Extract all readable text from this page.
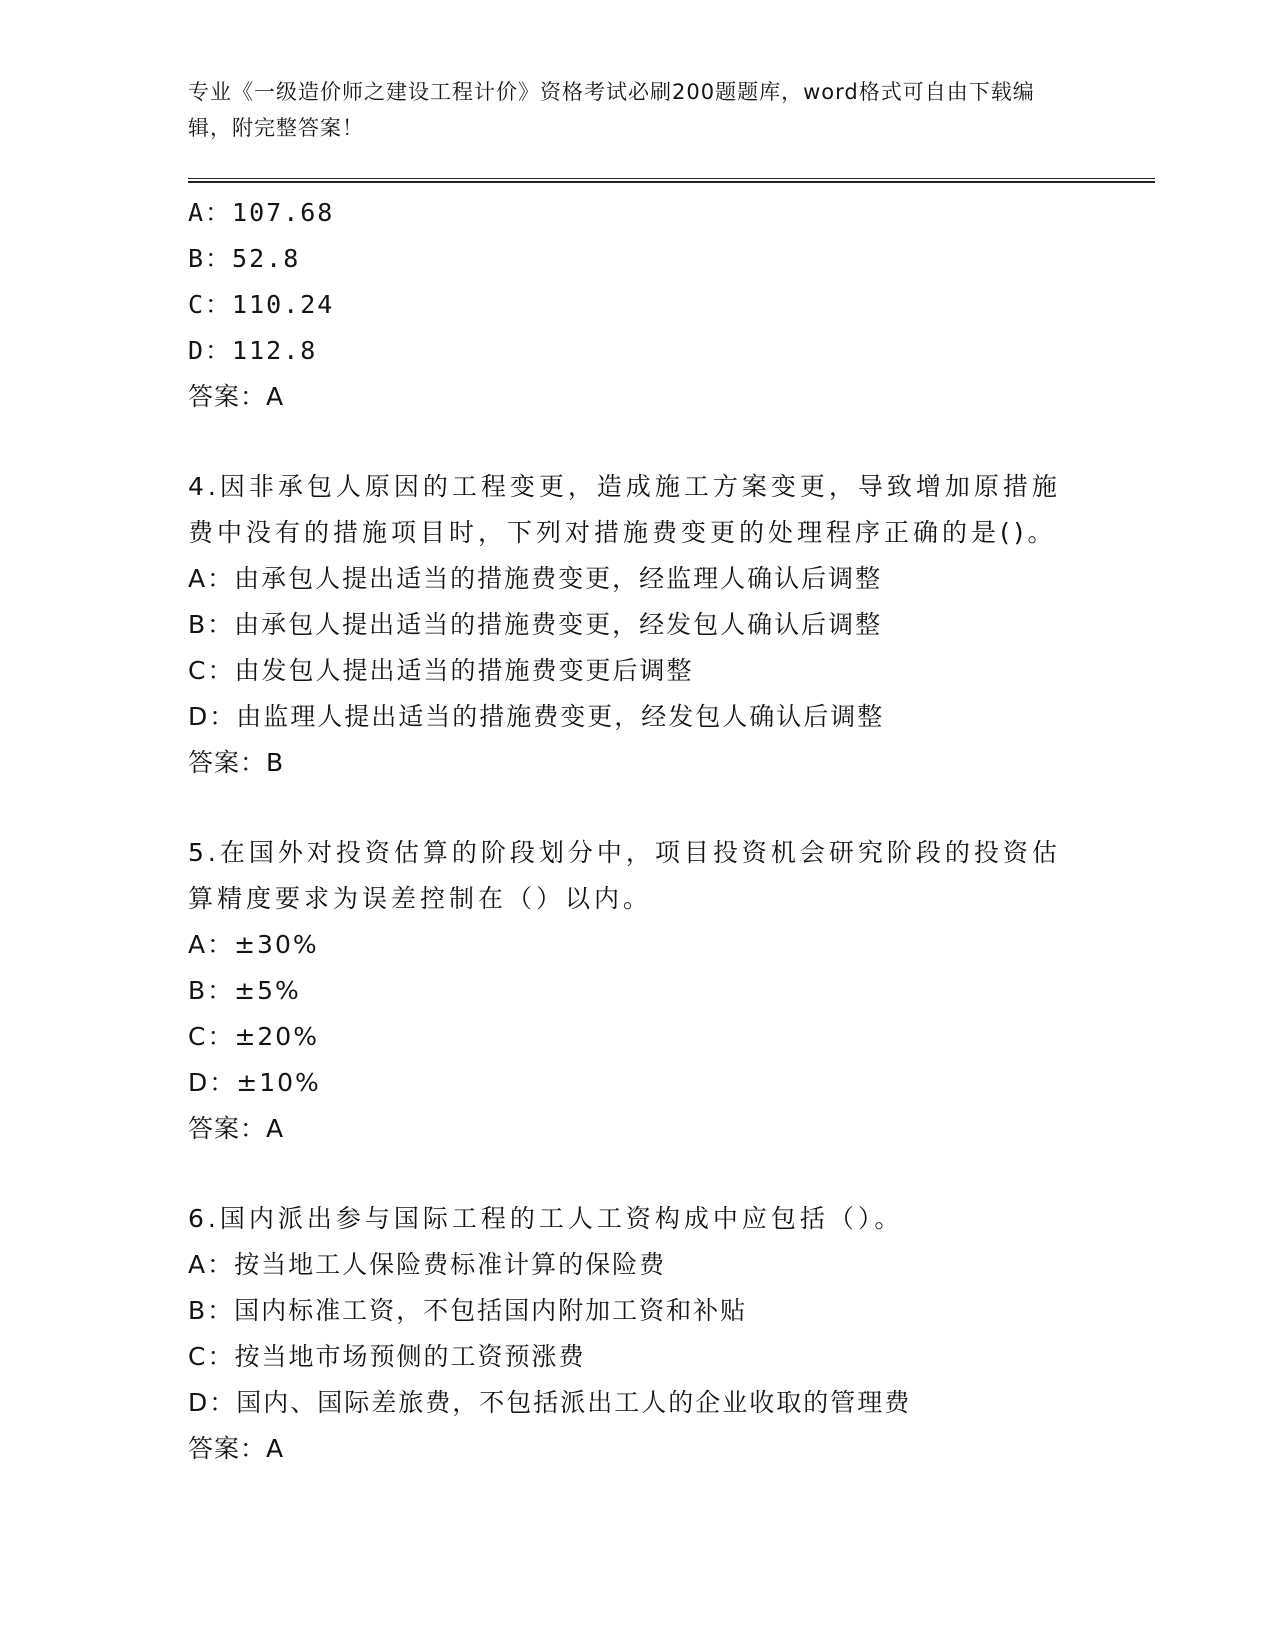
专业《一级造价师之建设工程计价》资格考试必刷200题题库，word格式可自由下载编辑，附完整答案！
A：107.68
B：52.8
C：110.24
D：112.8
答案：A
4.因非承包人原因的工程变更，造成施工方案变更，导致增加原措施费中没有的措施项目时，下列对措施费变更的处理程序正确的是()。
A：由承包人提出适当的措施费变更，经监理人确认后调整
B：由承包人提出适当的措施费变更，经发包人确认后调整
C：由发包人提出适当的措施费变更后调整
D：由监理人提出适当的措施费变更，经发包人确认后调整
答案：B
5.在国外对投资估算的阶段划分中，项目投资机会研究阶段的投资估算精度要求为误差控制在（）以内。
A：±30%
B：±5%
C：±20%
D：±10%
答案：A
6.国内派出参与国际工程的工人工资构成中应包括（）。
A：按当地工人保险费标准计算的保险费
B：国内标准工资，不包括国内附加工资和补贴
C：按当地市场预侧的工资预涨费
D：国内、国际差旅费，不包括派出工人的企业收取的管理费
答案：A
